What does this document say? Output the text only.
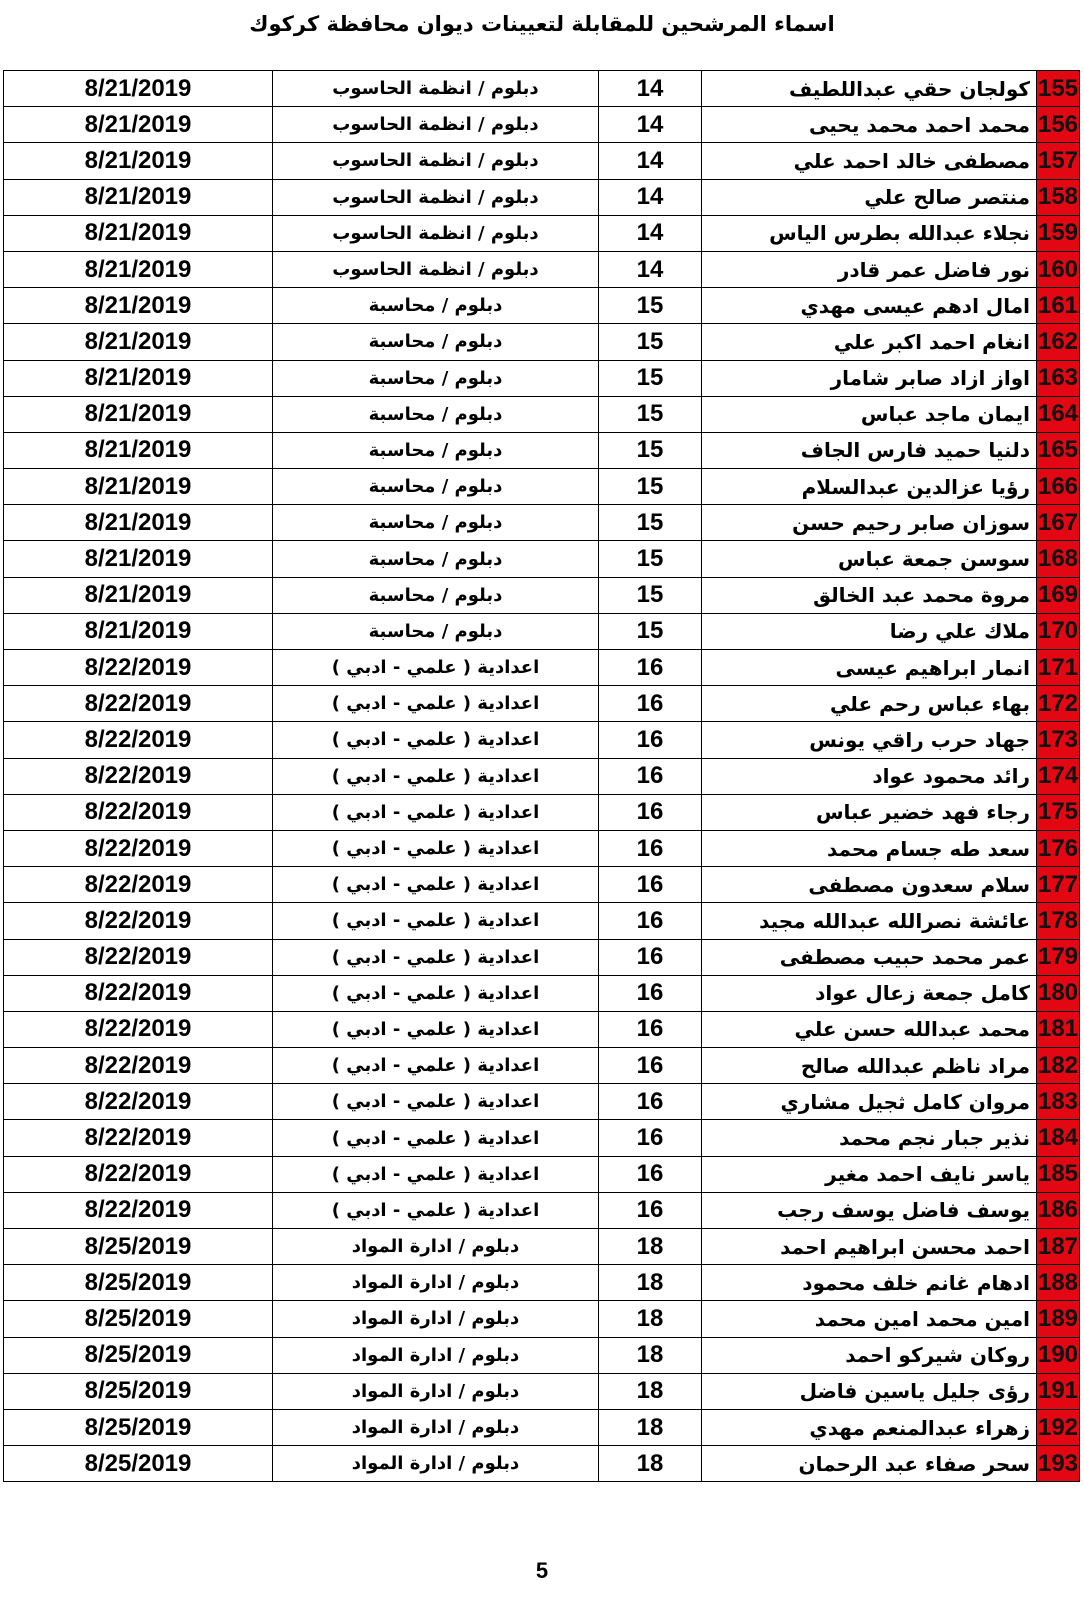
اسماء المرشحين للمقابلة لتعيينات ديوان محافظة كركوك
155	كولجان حقي عبداللطيف	14	دبلوم / انظمة الحاسوب	8/21/2019
156	محمد احمد محمد يحيى	14	دبلوم / انظمة الحاسوب	8/21/2019
157	مصطفى خالد احمد علي	14	دبلوم / انظمة الحاسوب	8/21/2019
158	منتصر صالح علي	14	دبلوم / انظمة الحاسوب	8/21/2019
159	نجلاء عبدالله بطرس الياس	14	دبلوم / انظمة الحاسوب	8/21/2019
160	نور فاضل عمر قادر	14	دبلوم / انظمة الحاسوب	8/21/2019
161	امال ادهم عيسى مهدي	15	دبلوم / محاسبة	8/21/2019
162	انغام احمد اكبر علي	15	دبلوم / محاسبة	8/21/2019
163	اواز ازاد صابر شامار	15	دبلوم / محاسبة	8/21/2019
164	ايمان ماجد عباس	15	دبلوم / محاسبة	8/21/2019
165	دلنيا حميد فارس الجاف	15	دبلوم / محاسبة	8/21/2019
166	رؤيا عزالدين عبدالسلام	15	دبلوم / محاسبة	8/21/2019
167	سوزان صابر رحيم حسن	15	دبلوم / محاسبة	8/21/2019
168	سوسن جمعة عباس	15	دبلوم / محاسبة	8/21/2019
169	مروة محمد عبد الخالق	15	دبلوم / محاسبة	8/21/2019
170	ملاك علي رضا	15	دبلوم / محاسبة	8/21/2019
171	انمار ابراهيم عيسى	16	اعدادية ( علمي - ادبي )	8/22/2019
172	بهاء عباس رحم علي	16	اعدادية ( علمي - ادبي )	8/22/2019
173	جهاد حرب راقي يونس	16	اعدادية ( علمي - ادبي )	8/22/2019
174	رائد محمود عواد	16	اعدادية ( علمي - ادبي )	8/22/2019
175	رجاء فهد خضير عباس	16	اعدادية ( علمي - ادبي )	8/22/2019
176	سعد طه جسام محمد	16	اعدادية ( علمي - ادبي )	8/22/2019
177	سلام سعدون مصطفى	16	اعدادية ( علمي - ادبي )	8/22/2019
178	عائشة نصرالله عبدالله مجيد	16	اعدادية ( علمي - ادبي )	8/22/2019
179	عمر محمد حبيب مصطفى	16	اعدادية ( علمي - ادبي )	8/22/2019
180	كامل جمعة زعال عواد	16	اعدادية ( علمي - ادبي )	8/22/2019
181	محمد عبدالله حسن علي	16	اعدادية ( علمي - ادبي )	8/22/2019
182	مراد ناظم عبدالله صالح	16	اعدادية ( علمي - ادبي )	8/22/2019
183	مروان كامل ثجيل مشاري	16	اعدادية ( علمي - ادبي )	8/22/2019
184	نذير جبار نجم محمد	16	اعدادية ( علمي - ادبي )	8/22/2019
185	ياسر نايف احمد مغير	16	اعدادية ( علمي - ادبي )	8/22/2019
186	يوسف فاضل يوسف رجب	16	اعدادية ( علمي - ادبي )	8/22/2019
187	احمد محسن ابراهيم احمد	18	دبلوم / ادارة المواد	8/25/2019
188	ادهام غانم خلف محمود	18	دبلوم / ادارة المواد	8/25/2019
189	امين محمد امين محمد	18	دبلوم / ادارة المواد	8/25/2019
190	روكان شيركو احمد	18	دبلوم / ادارة المواد	8/25/2019
191	رؤى جليل ياسين فاضل	18	دبلوم / ادارة المواد	8/25/2019
192	زهراء عبدالمنعم مهدي	18	دبلوم / ادارة المواد	8/25/2019
193	سحر صفاء عبد الرحمان	18	دبلوم / ادارة المواد	8/25/2019
5
